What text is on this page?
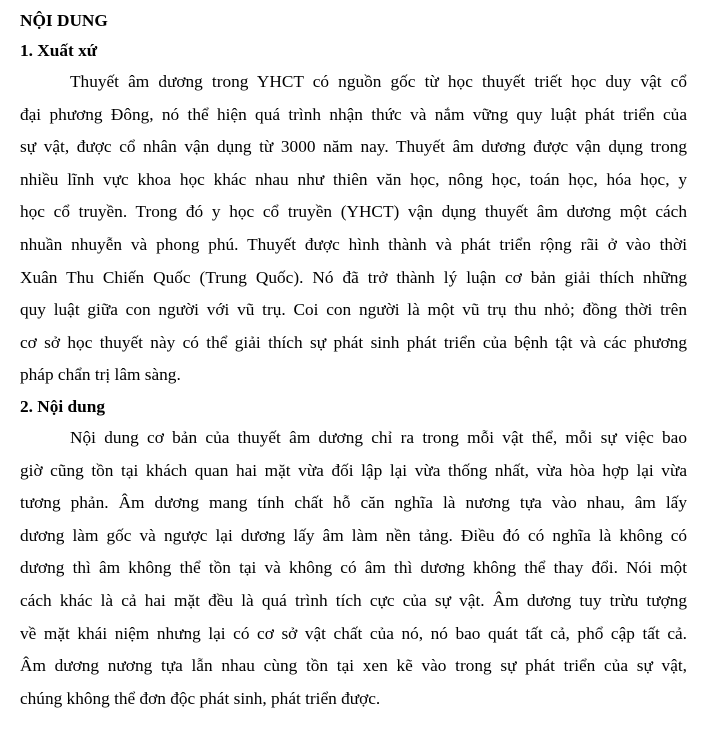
NỘI DUNG
1. Xuất xứ
Thuyết âm dương trong YHCT có nguồn gốc từ học thuyết triết học duy vật cổ
đại phương Đông, nó thể hiện quá trình nhận thức và nắm vững quy luật phát triển của
sự vật, được cổ nhân vận dụng từ 3000 năm nay. Thuyết âm dương được vận dụng trong
nhiều lĩnh vực khoa học khác nhau như thiên văn học, nông học, toán học, hóa học, y
học cổ truyền. Trong đó y học cổ truyền (YHCT) vận dụng thuyết âm dương một cách
nhuần nhuyễn và phong phú. Thuyết được hình thành và phát triển rộng rãi ở vào thời
Xuân Thu Chiến Quốc (Trung Quốc). Nó đã trở thành lý luận cơ bản giải thích những
quy luật giữa con người với vũ trụ. Coi con người là một vũ trụ thu nhỏ; đồng thời trên
cơ sở học thuyết này có thể giải thích sự phát sinh phát triển của bệnh tật và các phương
pháp chẩn trị lâm sàng.
2. Nội dung
Nội dung cơ bản của thuyết âm dương chỉ ra trong mỗi vật thể, mỗi sự việc bao
giờ cũng tồn tại khách quan hai mặt vừa đối lập lại vừa thống nhất, vừa hòa hợp lại vừa
tương phản. Âm dương mang tính chất hỗ căn nghĩa là nương tựa vào nhau, âm lấy
dương làm gốc và ngược lại dương lấy âm làm nền tảng. Điều đó có nghĩa là không có
dương thì âm không thể tồn tại và không có âm thì dương không thể thay đổi. Nói một
cách khác là cả hai mặt đều là quá trình tích cực của sự vật. Âm dương tuy trừu tượng
về mặt khái niệm nhưng lại có cơ sở vật chất của nó, nó bao quát tất cả, phổ cập tất cả.
Âm dương nương tựa lẫn nhau cùng tồn tại xen kẽ vào trong sự phát triển của sự vật,
chúng không thể đơn độc phát sinh, phát triển được.
